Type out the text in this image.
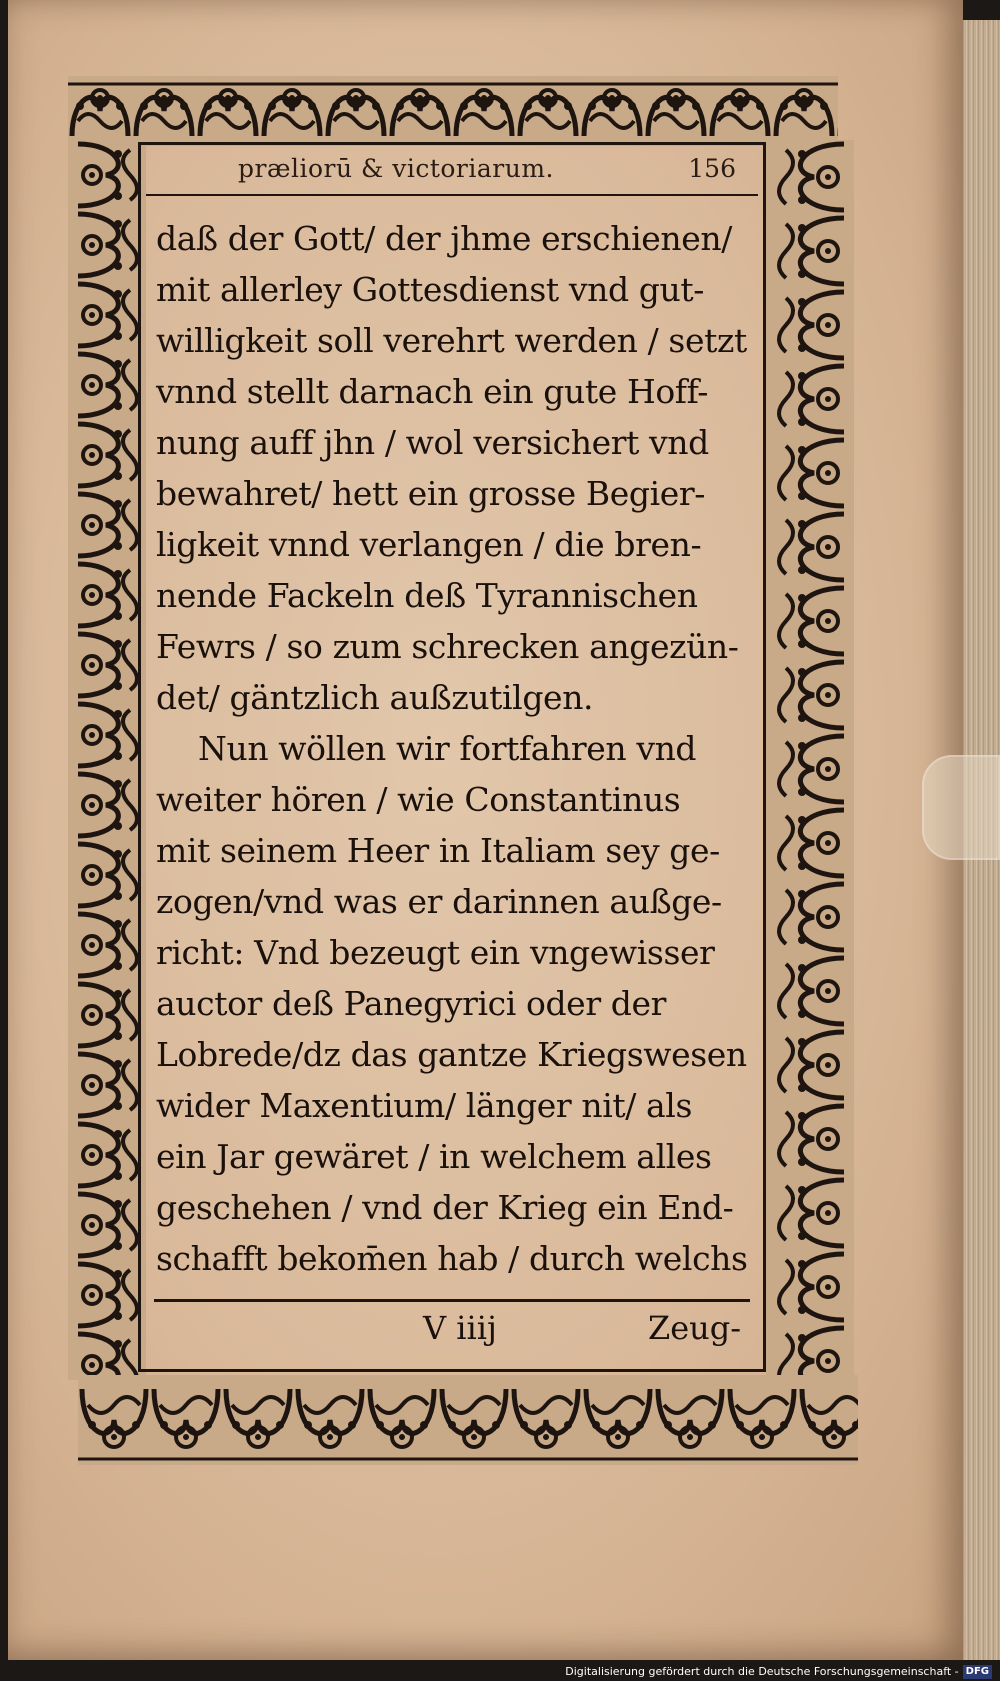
præliorū & victoriarum.	156
daß der Gott/ der jhme erschienen/
mit allerley Gottesdienst vnd gut-
willigkeit soll verehrt werden / setzt
vnnd stellt darnach ein gute Hoff-
nung auff jhn / wol versichert vnd
bewahret/ hett ein grosse Begier-
ligkeit vnnd verlangen / die bren-
nende Fackeln deß Tyrannischen
Fewrs / so zum schrecken angezün-
det/ gäntzlich außzutilgen.
Nun wöllen wir fortfahren vnd
weiter hören / wie Constantinus
mit seinem Heer in Italiam sey ge-
zogen/vnd was er darinnen außge-
richt: Vnd bezeugt ein vngewisser
auctor deß Panegyrici oder der
Lobrede/dz das gantze Kriegswesen
wider Maxentium/ länger nit/ als
ein Jar gewäret / in welchem alles
geschehen / vnd der Krieg ein End-
schafft bekom̄en hab / durch welchs
V iiij	Zeug-
Digitalisierung gefördert durch die Deutsche Forschungsgemeinschaft - DFG
